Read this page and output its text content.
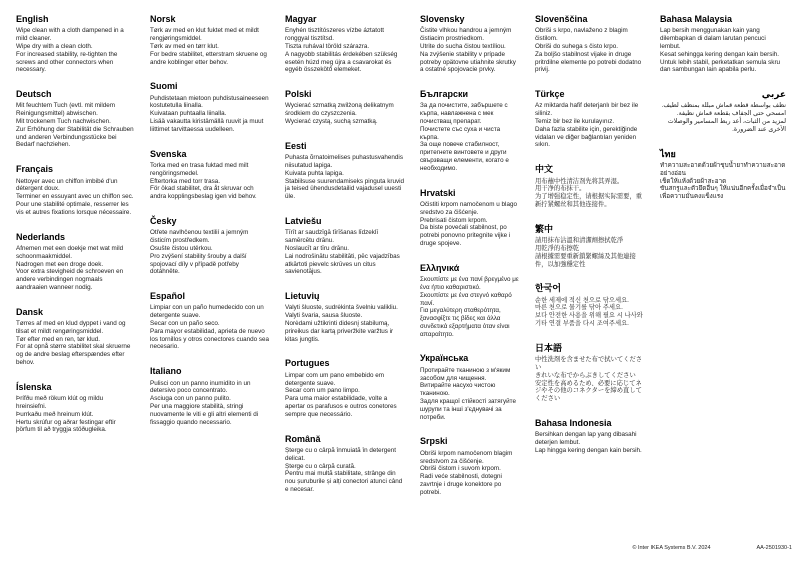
English

Wipe clean with a cloth dampened in a mild cleaner.

Wipe dry with a clean cloth.

For increased stability, re-tighten the screws and other connectors when necessary.

Deutsch

Mit feuchtem Tuch (evtl. mit mildem Reinigungsmittel) abwischen.

Mit trockenem Tuch nachwischen.

Zur Erhöhung der Stabilität die Schrauben und anderen Verbindungsstücke bei Bedarf nachziehen.

Français

Nettoyer avec un chiffon imbibé d'un détergent doux.

Terminer en essuyant avec un chiffon sec.

Pour une stabilité optimale, resserrer les vis et autres fixations lorsque nécessaire.

Nederlands

Afnemen met een doekje met wat mild schoonmaakmiddel.

Nadrogen met een droge doek.

Voor extra stevigheid de schroeven en andere verbindingen nogmaals aandraaien wanneer nodig.

Dansk

Tørres af med en klud dyppet i vand og tilsat et mildt rengøringsmiddel.

Tør efter med en ren, tør klud.

For at opnå større stabilitet skal skruerne og de andre beslag efterspændes efter behov.

Íslenska

Þrífðu með rökum klút og mildu hreinsiefni.

Þurrkaðu með hreinum klút.

Hertu skrúfur og aðrar festingar eftir þörfum til að tryggja stöðugleika.

Norsk

Tørk av med en klut fuktet med et mildt rengjøringsmiddel.

Tørk av med en tørr klut.

For bedre stabilitet, etterstram skruene og andre koblinger etter behov.

Suomi

Puhdistetaan mietoon puhdistusaineeseen kostutetulla liinalla.

Kuivataan puhtaalla liinalla.

Lisää vakautta kiristämällä ruuvit ja muut liittimet tarvittaessa uudelleen.

Svenska

Torka med en trasa fuktad med milt rengöringsmedel.

Eftertorka med torr trasa.

För ökad stabilitet, dra åt skruvar och andra kopplingsbeslag igen vid behov.

Česky

Otřete navlhčenou textilií a jemným čisticím prostředkem.

Osušte čistou utěrkou.

Pro zvýšení stability šrouby a další spojovací díly v případě potřeby dotáhněte.

Español

Limpiar con un paño humedecido con un detergente suave.

Secar con un paño seco.

Para mayor estabilidad, aprieta de nuevo los tornillos y otros conectores cuando sea necesario.

Italiano

Pulisci con un panno inumidito in un detersivo poco concentrato.

Asciuga con un panno pulito.

Per una maggiore stabilità, stringi nuovamente le viti e gli altri elementi di fissaggio quando necessario.

Magyar

Enyhén tisztítószeres vízbe áztatott ronggyal tisztítsd.

Tiszta ruhával töröld szárazra.

A nagyobb stabilitás érdekében szükség esetén húzd meg újra a csavarokat és egyéb összekötő elemeket.

Polski

Wycierać szmatką zwilżoną delikatnym środkiem do czyszczenia.

Wycierać czystą, suchą szmatką.

Eesti

Puhasta õrnatoimelises puhastusvahendis niisutatud lapiga.

Kuivata puhta lapiga.

Stabiilsuse suurendamiseks pinguta kruvid ja teised ühendusdetailid vajadusel uuesti üle.

Latviešu

Tīrīt ar saudzīgā tīrīšanas līdzeklī samērcētu drānu.

Noslaucīt ar tīru drānu.

Lai nodrošinātu stabilitāti, pēc vajadzības atkārtoti pievelc skrūves un citus savienotājus.

Lietuvių

Valyti šluoste, sudrėkinta švelniu valikliu.

Valyti švaria, sausa šluoste.

Norėdami užtikrinti didesnį stabilumą, prireikus dar kartą priveržkite varžtus ir kitas jungtis.

Portugues

Limpar com um pano embebido em detergente suave.

Secar com um pano limpo.

Para uma maior estabilidade, volte a apertar os parafusos e outros conetores sempre que necessário.

Română

Șterge cu o cârpă înmuiată în detergent delicat.

Șterge cu o cârpă curată.

Pentru mai multă stabilitate, strânge din nou șuruburile și alți conectori atunci când e necesar.

Slovensky

Čistite vlhkou handrou a jemným čistiacim prostriedkom.

Utrite do sucha čistou textíliou.

Na zvýšenie stability v prípade potreby opätovne utiahnite skrutky a ostatné spojovacie prvky.

Български

За да почистите, забършете с кърпа, навлажнена с мек почистващ препарат.

Почистете със суха и чиста кърпа.

За още повече стабилност, притегнете винтовете и други свързващи елементи, когато е необходимо.

Hrvatski

Očistiti krpom namočenom u blago sredstvo za čišćenje.

Prebrisati čistom krpom.

Da biste povećali stabilnost, po potrebi ponovno pritegnite vijke i druge spojeve.

Ελληνικά

Σκουπίστε με ένα πανί βρεγμένο με ένα ήπιο καθαριστικό.

Σκουπίστε με ένα στεγνό καθαρό πανί.

Για μεγαλύτερη σταθερότητα, ξανασφίξτε τις βίδες και άλλα συνδετικά εξαρτήματα όταν είναι απαραίτητο.

Українська

Протирайте тканиною з м'яким засобом для чищення.

Витирайте насухо чистою тканиною.

Задля кращої стійкості затягуйте шурупи та інші з'єднувачі за потреби.

Srpski

Obriši krpom namočenom blagim sredstvom za čišćenje.

Obriši čistom i suvom krpom.

Radi veće stabilnosti, dotegni zavrtnje i druge konektore po potrebi.

Slovenščina

Obriši s krpo, navlaženo z blagim čistilom.

Obriši do suhega s čisto krpo.

Za boljšo stabilnost vijake in druge pritrdilne elemente po potrebi dodatno privij.

Türkçe

Az miktarda hafif deterjanlı bir bez ile siliniz.

Temiz bir bez ile kurulayınız.

Daha fazla stabilite için, gerektiğinde vidaları ve diğer bağlantıları yeniden sıkın.

中文

用布蘸中性清洁剂先将其弄湿。

用干净的布抹干。

为了增强稳定性，请根据实际需要，重新拧紧螺丝和其他连接件。

繁中

請用抹布沾溫和清潔劑擦拭乾淨

用乾淨的布擦乾

請根據需要重新鎖緊螺絲及其他連接件，以加強穩定性

한국어

순한 세제에 적신 천으로 닦으세요.

마른 천으로 물기를 닦아 주세요.

보다 안전한 사용을 위해 필요 시 나사와 기타 연결 부품을 다시 조여주세요.

日本語

中性洗剤を含ませた布で拭いてください

きれいな布でからぶきしてください

安定性を高めるため、必要に応じてネジやその他のコネクターを締め直してください

Bahasa Indonesia

Bersihkan dengan lap yang dibasahi deterjen lembut.

Lap hingga kering dengan kain bersih.

Bahasa Malaysia

Lap bersih menggunakan kain yang dilembapkan di dalam larutan pencuci lembut.

Kesat sehingga kering dengan kain bersih.

Untuk lebih stabil, perketatkan semula skru dan sambungan lain apabila perlu.

عربي

نظف بواسطة قطعة قماش مبللة بمنظف لطيف.

امسحي حتى الجفاف بقطعة قماش نظيفة.

لمزيد من الثبات، أعد ربط المسامير والوصلات الأخرى عند الضرورة.

ไทย

ทำความสะอาดด้วยผ้าชุบน้ำยาทำความสะอาดอย่างอ่อน

เช็ดให้แห้งด้วยผ้าสะอาด

ขันสกรูและตัวยึดอื่นๆ ให้แน่นอีกครั้งเมื่อจำเป็น เพื่อความมั่นคงแข็งแรง

© Inter IKEA Systems B.V. 2024	AA-2501930-1
